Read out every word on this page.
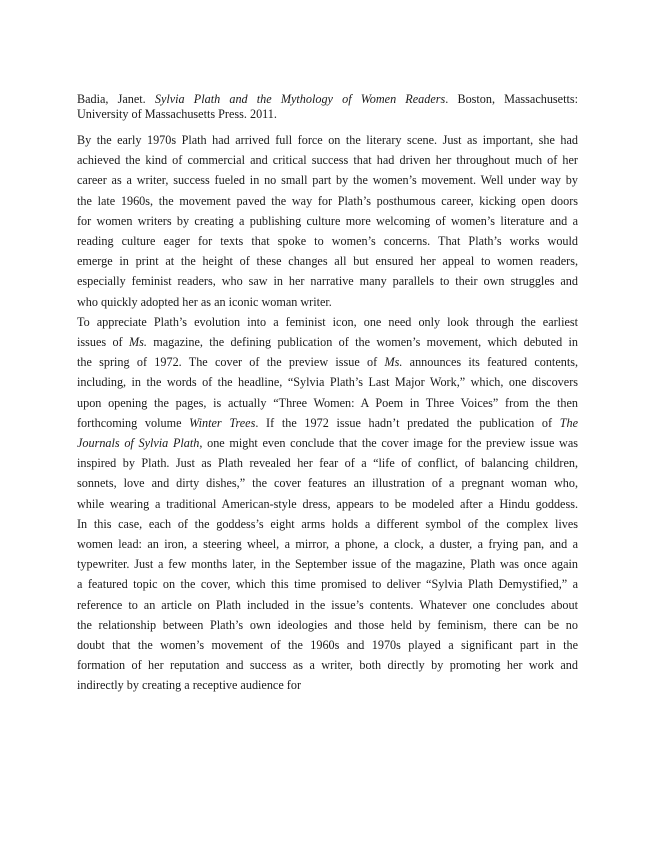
Badia, Janet. Sylvia Plath and the Mythology of Women Readers. Boston, Massachusetts:
University of Massachusetts Press. 2011.

By the early 1970s Plath had arrived full force on the literary scene. Just as important, she had
achieved the kind of commercial and critical success that had driven her throughout much of her
career as a writer, success fueled in no small part by the women’s movement. Well under way by
the late 1960s, the movement paved the way for Plath’s posthumous career, kicking open doors
for women writers by creating a publishing culture more welcoming of women’s literature and a
reading culture eager for texts that spoke to women’s concerns. That Plath’s works would
emerge in print at the height of these changes all but ensured her appeal to women readers,
especially feminist readers, who saw in her narrative many parallels to their own struggles and
who quickly adopted her as an iconic woman writer.

To appreciate Plath’s evolution into a feminist icon, one need only look through the earliest
issues of Ms. magazine, the defining publication of the women’s movement, which debuted in
the spring of 1972. The cover of the preview issue of Ms. announces its featured contents,
including, in the words of the headline, “Sylvia Plath’s Last Major Work,” which, one discovers
upon opening the pages, is actually “Three Women: A Poem in Three Voices” from the then
forthcoming volume Winter Trees. If the 1972 issue hadn’t predated the publication of The
Journals of Sylvia Plath, one might even conclude that the cover image for the preview issue was
inspired by Plath. Just as Plath revealed her fear of a “life of conflict, of balancing children,
sonnets, love and dirty dishes,” the cover features an illustration of a pregnant woman who,
while wearing a traditional American-style dress, appears to be modeled after a Hindu goddess.
In this case, each of the goddess’s eight arms holds a different symbol of the complex lives
women lead: an iron, a steering wheel, a mirror, a phone, a clock, a duster, a frying pan, and a
typewriter. Just a few months later, in the September issue of the magazine, Plath was once again
a featured topic on the cover, which this time promised to deliver “Sylvia Plath Demystified,” a
reference to an article on Plath included in the issue’s contents. Whatever one concludes about
the relationship between Plath’s own ideologies and those held by feminism, there can be no
doubt that the women’s movement of the 1960s and 1970s played a significant part in the
formation of her reputation and success as a writer, both directly by promoting her work and
indirectly by creating a receptive audience for
